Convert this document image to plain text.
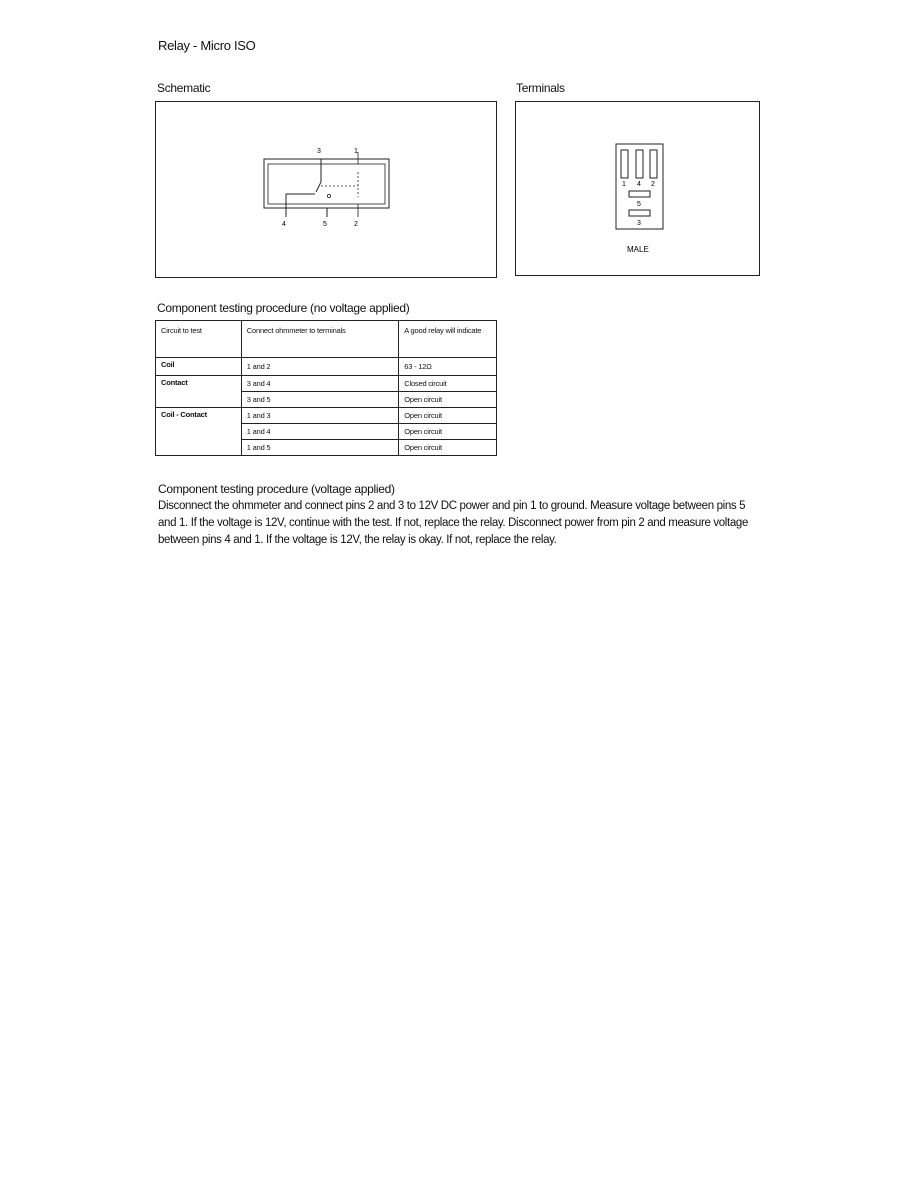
Relay - Micro ISO
Schematic
3	1
4	5	2
Terminals
1 4 2
5
3
MALE
Component testing procedure (no voltage applied)
Circuit to test	Connect ohmmeter to terminals	A good relay will indicate
Coil	1 and 2	63 - 12Ω
Contact	3 and 4	Closed circuit
	3 and 5	Open circuit
Coil - Contact	1 and 3	Open circuit
	1 and 4	Open circuit
	1 and 5	Open circuit
Component testing procedure (voltage applied)
Disconnect the ohmmeter and connect pins 2 and 3 to 12V DC power and pin 1 to ground. Measure voltage between pins 5 and 1. If the voltage is 12V, continue with the test. If not, replace the relay. Disconnect power from pin 2 and measure voltage between pins 4 and 1. If the voltage is 12V, the relay is okay. If not, replace the relay.
